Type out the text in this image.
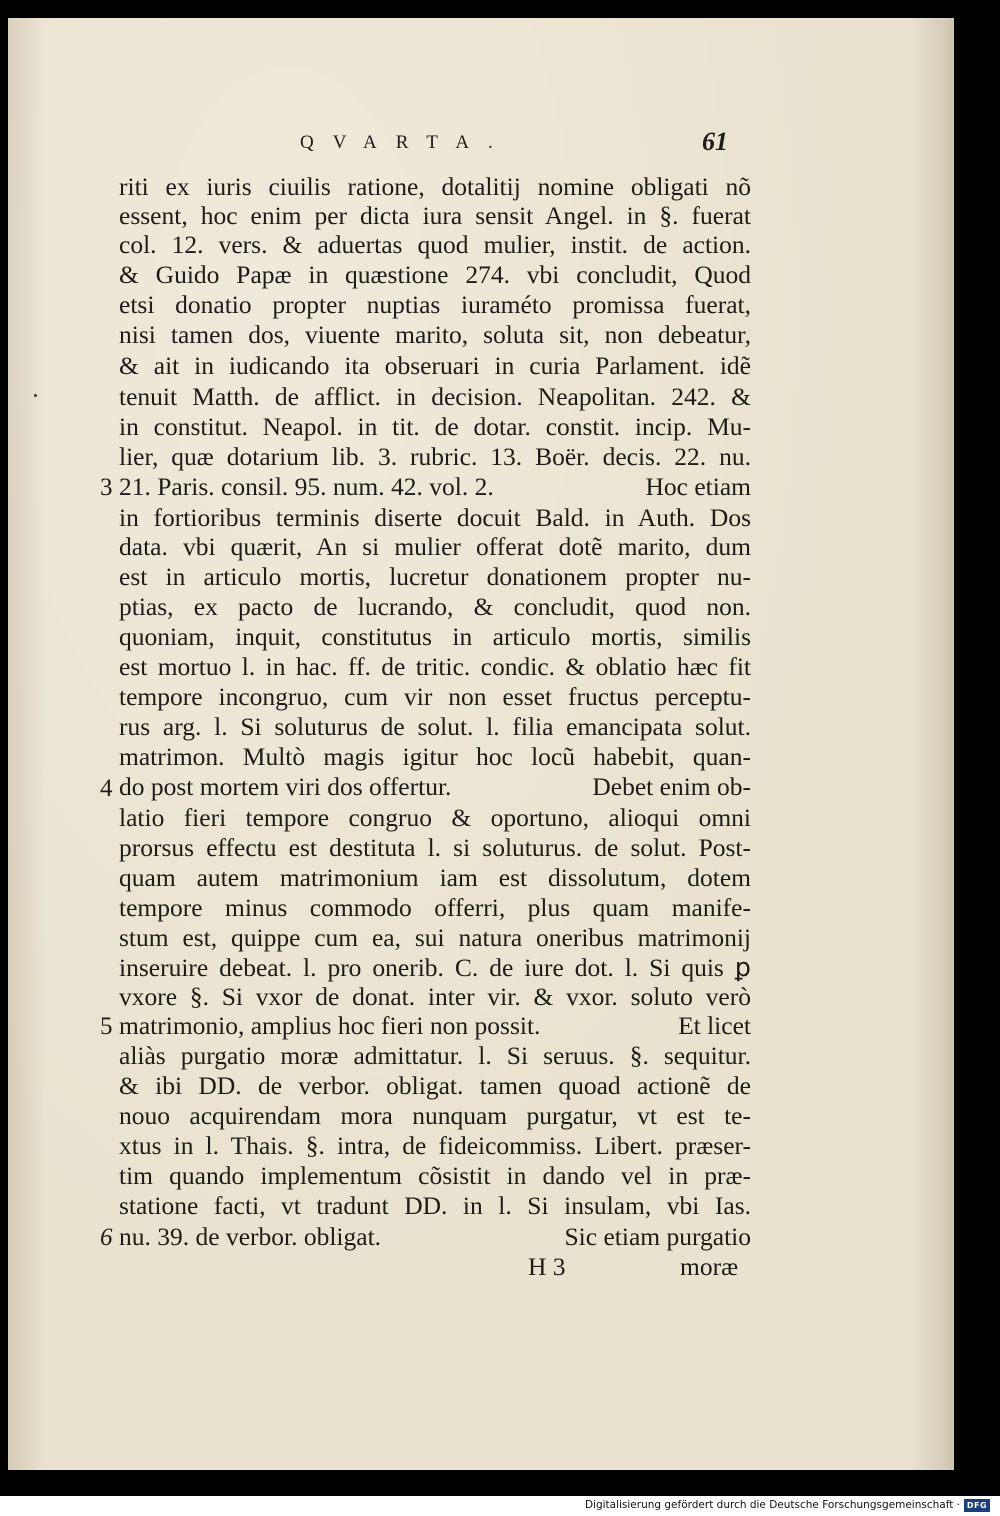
QVARTA.	61
riti ex iuris ciuilis ratione, dotalitij nomine obligati nõ
essent, hoc enim per dicta iura sensit Angel. in §. fuerat
col. 12. vers. & aduertas quod mulier, instit. de action.
& Guido Papæ in quæstione 274. vbi concludit, Quod
etsi donatio propter nuptias iuraméto promissa fuerat,
nisi tamen dos, viuente marito, soluta sit, non debeatur,
& ait in iudicando ita obseruari in curia Parlament. idẽ
tenuit Matth. de afflict. in decision. Neapolitan. 242. &
in constitut. Neapol. in tit. de dotar. constit. incip. Mu-
lier, quæ dotarium lib. 3. rubric. 13. Boër. decis. 22. nu.
3 21. Paris. consil. 95. num. 42. vol. 2.	Hoc etiam
in fortioribus terminis diserte docuit Bald. in Auth. Dos
data. vbi quærit, An si mulier offerat dotẽ marito, dum
est in articulo mortis, lucretur donationem propter nu-
ptias, ex pacto de lucrando, & concludit, quod non.
quoniam, inquit, constitutus in articulo mortis, similis
est mortuo l. in hac. ff. de tritic. condic. & oblatio hæc fit
tempore incongruo, cum vir non esset fructus perceptu-
rus arg. l. Si soluturus de solut. l. filia emancipata solut.
matrimon. Multò magis igitur hoc locũ habebit, quan-
4 do post mortem viri dos offertur.	Debet enim ob-
latio fieri tempore congruo & oportuno, alioqui omni
prorsus effectu est destituta l. si soluturus. de solut. Post-
quam autem matrimonium iam est dissolutum, dotem
tempore minus commodo offerri, plus quam manife-
stum est, quippe cum ea, sui natura oneribus matrimonij
inseruire debeat. l. pro onerib. C. de iure dot. l. Si quis ꝑ
vxore §. Si vxor de donat. inter vir. & vxor. soluto verò
5 matrimonio, amplius hoc fieri non possit.	Et licet
aliàs purgatio moræ admittatur. l. Si seruus. §. sequitur.
& ibi DD. de verbor. obligat. tamen quoad actionẽ de
nouo acquirendam mora nunquam purgatur, vt est te-
xtus in l. Thais. §. intra, de fideicommiss. Libert. præser-
tim quando implementum cõsistit in dando vel in præ-
statione facti, vt tradunt DD. in l. Si insulam, vbi Ias.
6 nu. 39. de verbor. obligat.	Sic etiam purgatio
H 3	moræ
Digitalisierung gefördert durch die Deutsche Forschungsgemeinschaft · DFG
